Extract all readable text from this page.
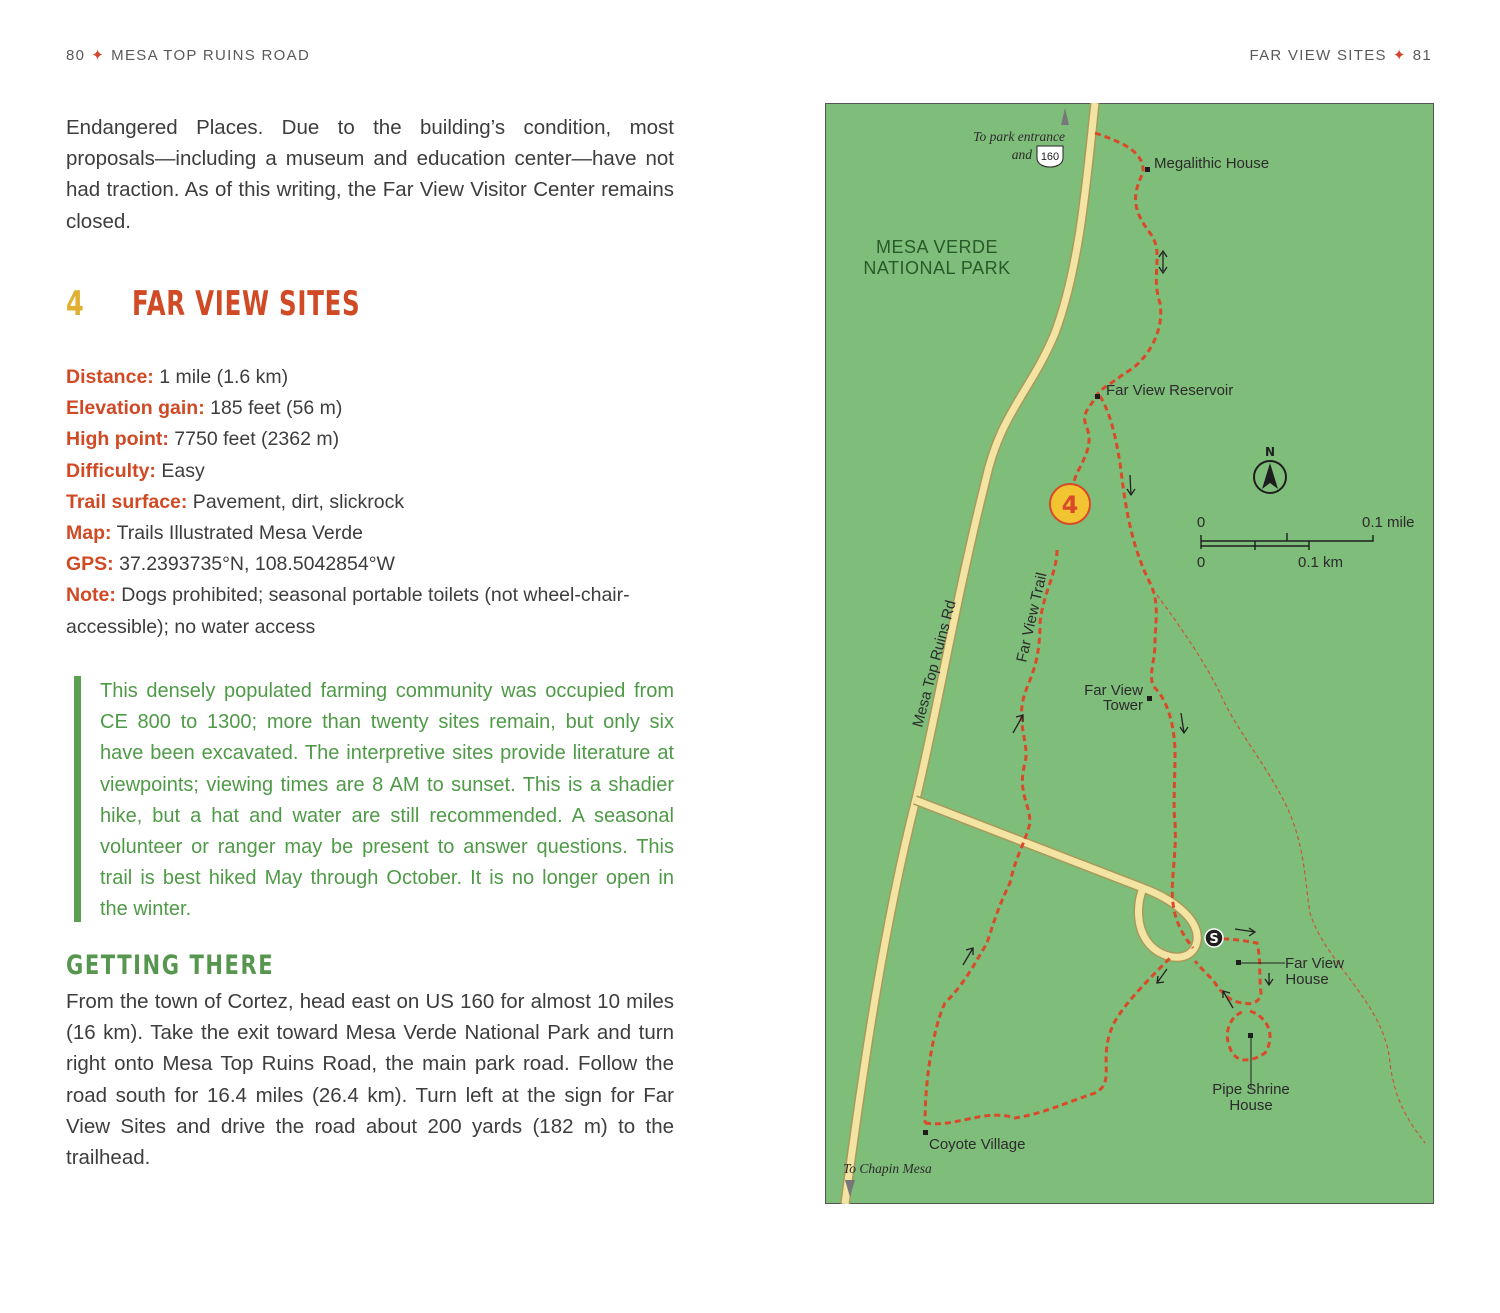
80 ✦ MESA TOP RUINS ROAD	FAR VIEW SITES ✦ 81
Endangered Places. Due to the building’s condition, most proposals—including a museum and education center—have not had traction. As of this writing, the Far View Visitor Center remains closed.
4 FAR VIEW SITES
Distance: 1 mile (1.6 km)
Elevation gain: 185 feet (56 m)
High point: 7750 feet (2362 m)
Difficulty: Easy
Trail surface: Pavement, dirt, slickrock
Map: Trails Illustrated Mesa Verde
GPS: 37.2393735°N, 108.5042854°W
Note: Dogs prohibited; seasonal portable toilets (not wheel-chair-accessible); no water access
This densely populated farming community was occupied from CE 800 to 1300; more than twenty sites remain, but only six have been excavated. The interpretive sites provide literature at viewpoints; viewing times are 8 AM to sunset. This is a shadier hike, but a hat and water are still recommended. A seasonal volunteer or ranger may be present to answer questions. This trail is best hiked May through October. It is no longer open in the winter.
GETTING THERE
From the town of Cortez, head east on US 160 for almost 10 miles (16 km). Take the exit toward Mesa Verde National Park and turn right onto Mesa Top Ruins Road, the main park road. Follow the road south for 16.4 miles (26.4 km). Turn left at the sign for Far View Sites and drive the road about 200 yards (182 m) to the trailhead.
4
S
N
0	0.1 mile
0	0.1 km
MESA VERDE
NATIONAL PARK
To park entrance
and 160
To Chapin Mesa
Mesa Top Ruins Rd	Far View Trail
Megalithic House
Far View Reservoir
Far View
Tower
Far View
House
Pipe Shrine
House
Coyote Village
